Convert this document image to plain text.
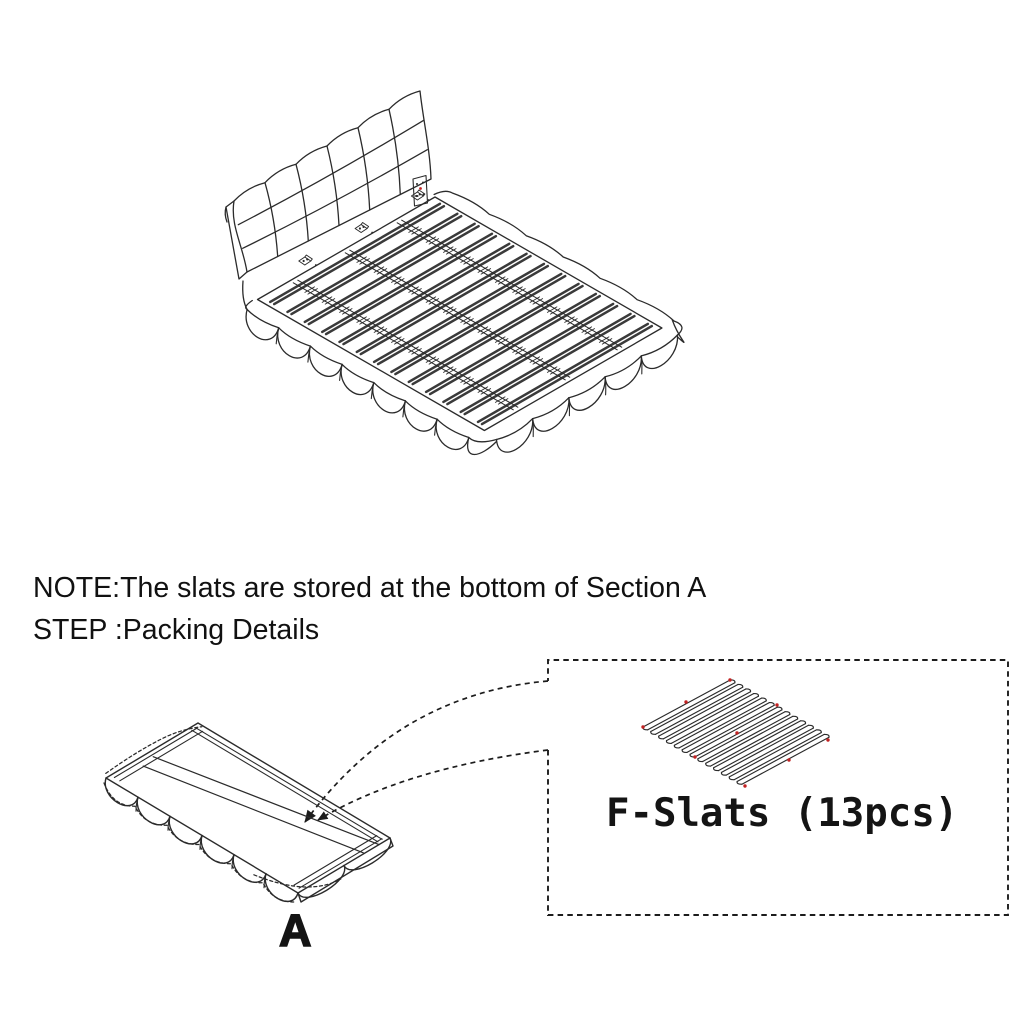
NOTE:The slats are stored at the bottom of Section A
STEP :Packing Details
F-Slats (13pcs)
A
